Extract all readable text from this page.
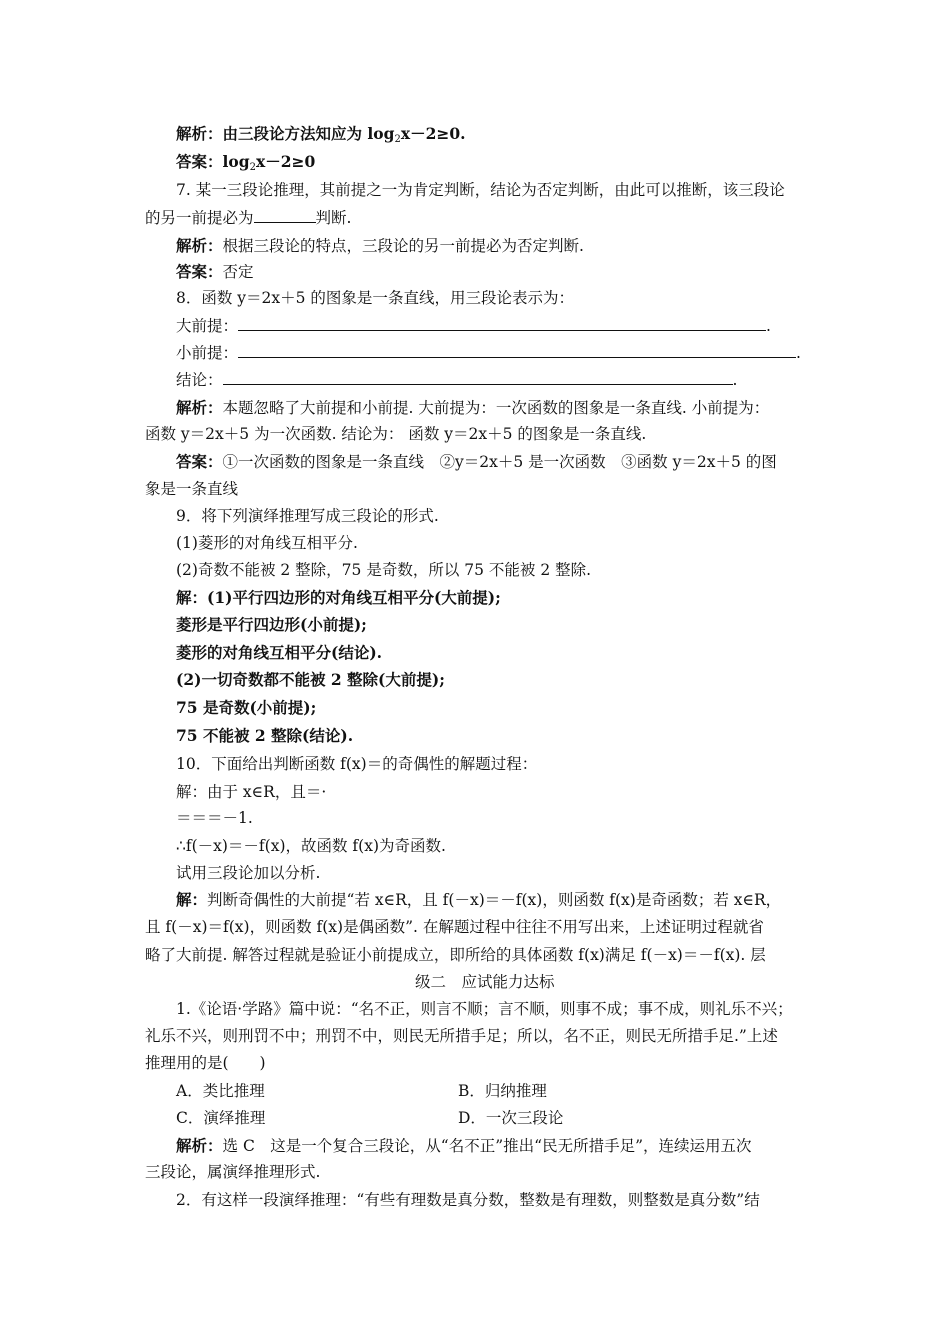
解析：由三段论方法知应为 $\log_2x-2\ge 0$.
答案：$\log_2x-2\ge 0$
7. 某一三段论推理，其前提之一为肯定判断，结论为否定判断，由此可以推断，该三段论
的另一前提必为	判断.
解析：根据三段论的特点，三段论的另一前提必为否定判断.
答案：否定
8．函数 y＝2x＋5 的图象是一条直线，用三段论表示为：
大前提：	.
小前提：	.
结论：	.
解析：本题忽略了大前提和小前提. 大前提为：一次函数的图象是一条直线. 小前提为：
函数 y＝2x＋5 为一次函数. 结论为： 函数 y＝2x＋5 的图象是一条直线.
答案：①一次函数的图象是一条直线　②y＝2x＋5 是一次函数　③函数 y＝2x＋5 的图
象是一条直线
9．将下列演绎推理写成三段论的形式.
(1)菱形的对角线互相平分.
(2)奇数不能被 2 整除，75 是奇数，所以 75 不能被 2 整除.
解：(1)平行四边形的对角线互相平分(大前提);
菱形是平行四边形(小前提);
菱形的对角线互相平分(结论).
(2)一切奇数都不能被 2 整除(大前提);
75 是奇数(小前提);
75 不能被 2 整除(结论).
10．下面给出判断函数 f(x)＝的奇偶性的解题过程：
解：由于 x∈R，且＝·
＝＝＝－1.
∴f(－x)＝－f(x)，故函数 f(x)为奇函数.
试用三段论加以分析.
解：判断奇偶性的大前提“若 x∈R，且 f(－x)＝－f(x)，则函数 f(x)是奇函数；若 x∈R，
且 f(－x)＝f(x)，则函数 f(x)是偶函数”. 在解题过程中往往不用写出来，上述证明过程就省
略了大前提. 解答过程就是验证小前提成立，即所给的具体函数 f(x)满足 f(－x)＝－f(x). 层
级二　应试能力达标
1.《论语·学路》篇中说：“名不正，则言不顺；言不顺，则事不成；事不成，则礼乐不兴；
礼乐不兴，则刑罚不中；刑罚不中，则民无所措手足；所以，名不正，则民无所措手足.”上述
推理用的是(　　)
A．类比推理	B．归纳推理
C．演绎推理	D．一次三段论
解析：选 C　这是一个复合三段论，从“名不正”推出“民无所措手足”，连续运用五次
三段论，属演绎推理形式.
2．有这样一段演绎推理：“有些有理数是真分数，整数是有理数，则整数是真分数”结
